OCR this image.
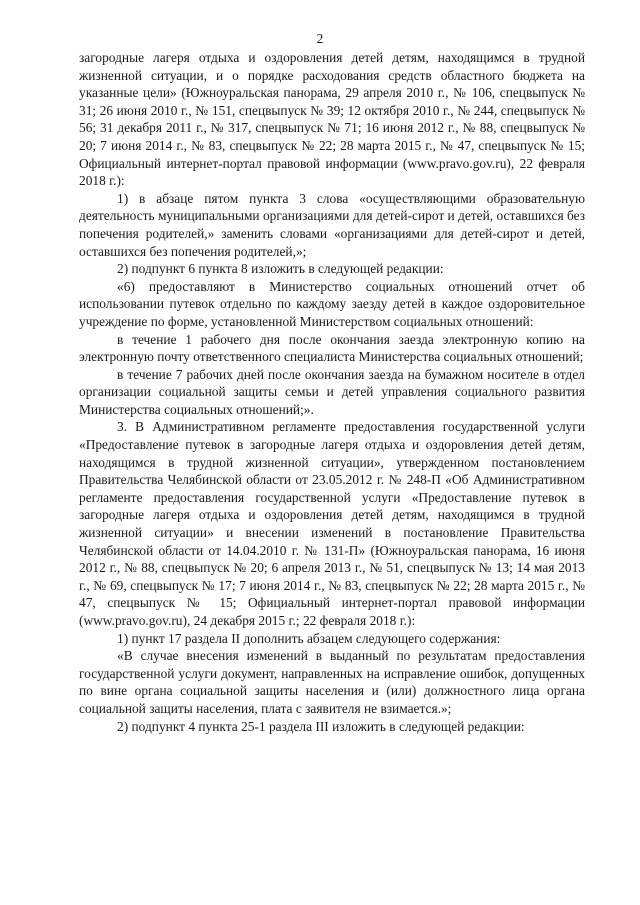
2

загородные лагеря отдыха и оздоровления детей детям, находящимся в трудной жизненной ситуации, и о порядке расходования средств областного бюджета на указанные цели» (Южноуральская панорама, 29 апреля 2010 г., № 106, спецвыпуск № 31; 26 июня 2010 г., № 151, спецвыпуск № 39; 12 октября 2010 г., № 244, спецвыпуск № 56; 31 декабря 2011 г., № 317, спецвыпуск № 71; 16 июня 2012 г., № 88, спецвыпуск № 20; 7 июня 2014 г., № 83, спецвыпуск № 22; 28 марта 2015 г., № 47, спецвыпуск № 15; Официальный интернет-портал правовой информации (www.pravo.gov.ru), 22 февраля 2018 г.):

1) в абзаце пятом пункта 3 слова «осуществляющими образовательную деятельность муниципальными организациями для детей-сирот и детей, оставшихся без попечения родителей,» заменить словами «организациями для детей-сирот и детей, оставшихся без попечения родителей,»;

2) подпункт 6 пункта 8 изложить в следующей редакции:

«6) предоставляют в Министерство социальных отношений отчет об использовании путевок отдельно по каждому заезду детей в каждое оздоровительное учреждение по форме, установленной Министерством социальных отношений:

в течение 1 рабочего дня после окончания заезда электронную копию на электронную почту ответственного специалиста Министерства социальных отношений;

в течение 7 рабочих дней после окончания заезда на бумажном носителе в отдел организации социальной защиты семьи и детей управления социального развития Министерства социальных отношений;».

3. В Административном регламенте предоставления государственной услуги «Предоставление путевок в загородные лагеря отдыха и оздоровления детей детям, находящимся в трудной жизненной ситуации», утвержденном постановлением Правительства Челябинской области от 23.05.2012 г. № 248-П «Об Административном регламенте предоставления государственной услуги «Предоставление путевок в загородные лагеря отдыха и оздоровления детей детям, находящимся в трудной жизненной ситуации» и внесении изменений в постановление Правительства Челябинской области от 14.04.2010 г. № 131-П» (Южноуральская панорама, 16 июня 2012 г., № 88, спецвыпуск № 20; 6 апреля 2013 г., № 51, спецвыпуск № 13; 14 мая 2013 г., № 69, спецвыпуск № 17; 7 июня 2014 г., № 83, спецвыпуск № 22; 28 марта 2015 г., № 47, спецвыпуск № 15; Официальный интернет-портал правовой информации (www.pravo.gov.ru), 24 декабря 2015 г.; 22 февраля 2018 г.):

1) пункт 17 раздела II дополнить абзацем следующего содержания:

«В случае внесения изменений в выданный по результатам предоставления государственной услуги документ, направленных на исправление ошибок, допущенных по вине органа социальной защиты населения и (или) должностного лица органа социальной защиты населения, плата с заявителя не взимается.»;

2) подпункт 4 пункта 25-1 раздела III изложить в следующей редакции:
